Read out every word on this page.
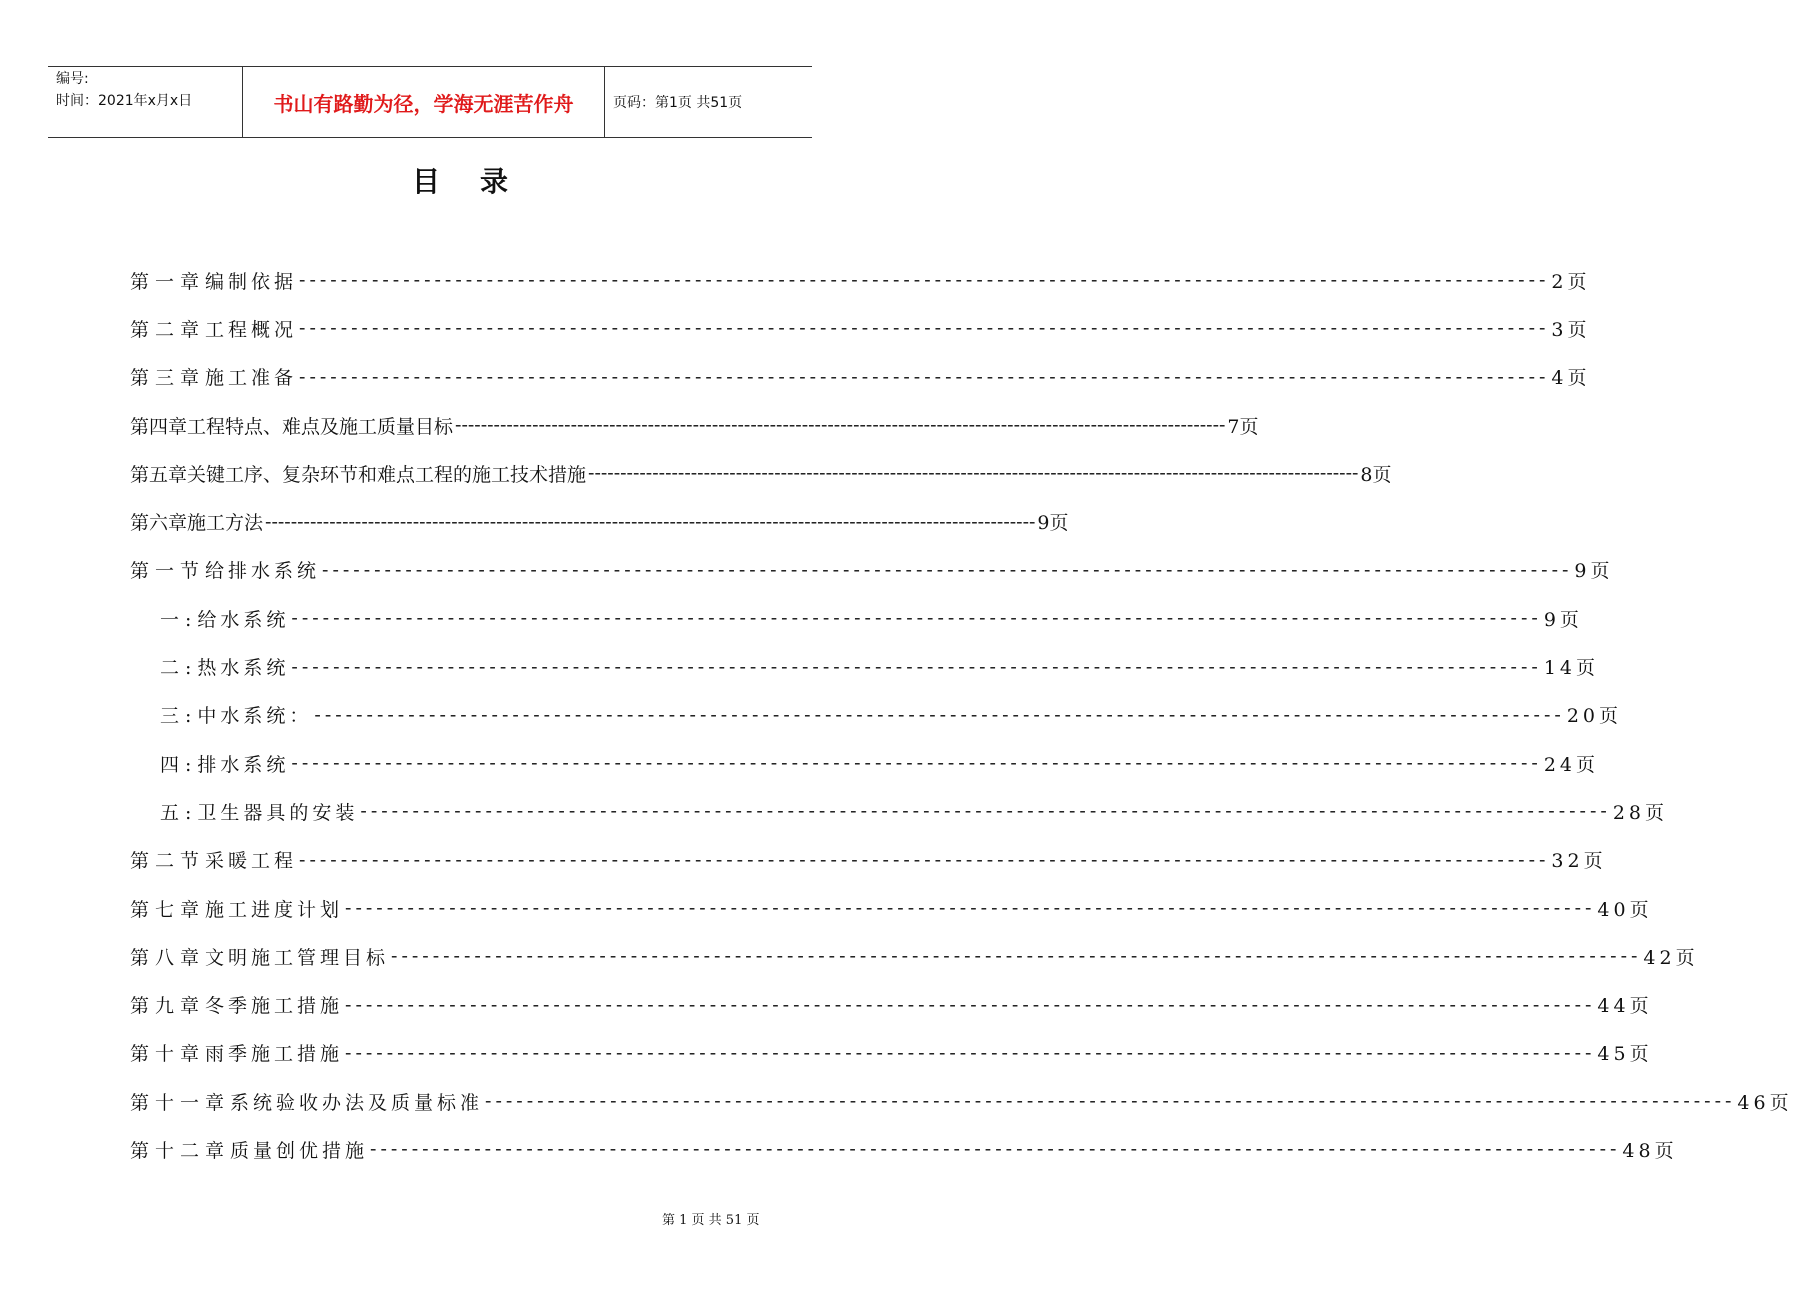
编号:
时间：2021年x月x日	书山有路勤为径，学海无涯苦作舟	页码：第1页 共51页
目录
第一章 编制依据 ------------------------------------------------------------------------------------------------------------------------ 2页
第二章 工程概况 ------------------------------------------------------------------------------------------------------------------------ 3页
第三章 施工准备 ------------------------------------------------------------------------------------------------------------------------ 4页
第四章 工程特点、难点及施工质量目标 ------------------------------------------------------------------------------------------------------------------------ 7页
第五章 关键工序、复杂环节和难点工程的施工技术措施 ------------------------------------------------------------------------------------------------------------------------ 8页
第六章 施工方法 ------------------------------------------------------------------------------------------------------------------------ 9页
第一节 给排水系统 ------------------------------------------------------------------------------------------------------------------------ 9页
一: 给水系统 ------------------------------------------------------------------------------------------------------------------------ 9页
二: 热水系统 ------------------------------------------------------------------------------------------------------------------------ 14页
三: 中水系统： ------------------------------------------------------------------------------------------------------------------------ 20页
四: 排水系统 ------------------------------------------------------------------------------------------------------------------------ 24页
五: 卫生器具的安装 ------------------------------------------------------------------------------------------------------------------------ 28页
第二节 采暖工程 ------------------------------------------------------------------------------------------------------------------------ 32页
第七章 施工进度计划 ------------------------------------------------------------------------------------------------------------------------ 40页
第八章 文明施工管理目标 ------------------------------------------------------------------------------------------------------------------------ 42页
第九章 冬季施工措施 ------------------------------------------------------------------------------------------------------------------------ 44页
第十章 雨季施工措施 ------------------------------------------------------------------------------------------------------------------------ 45页
第十一章 系统验收办法及质量标准 ------------------------------------------------------------------------------------------------------------------------ 46页
第十二章 质量创优措施 ------------------------------------------------------------------------------------------------------------------------ 48页
第 1 页 共 51 页
